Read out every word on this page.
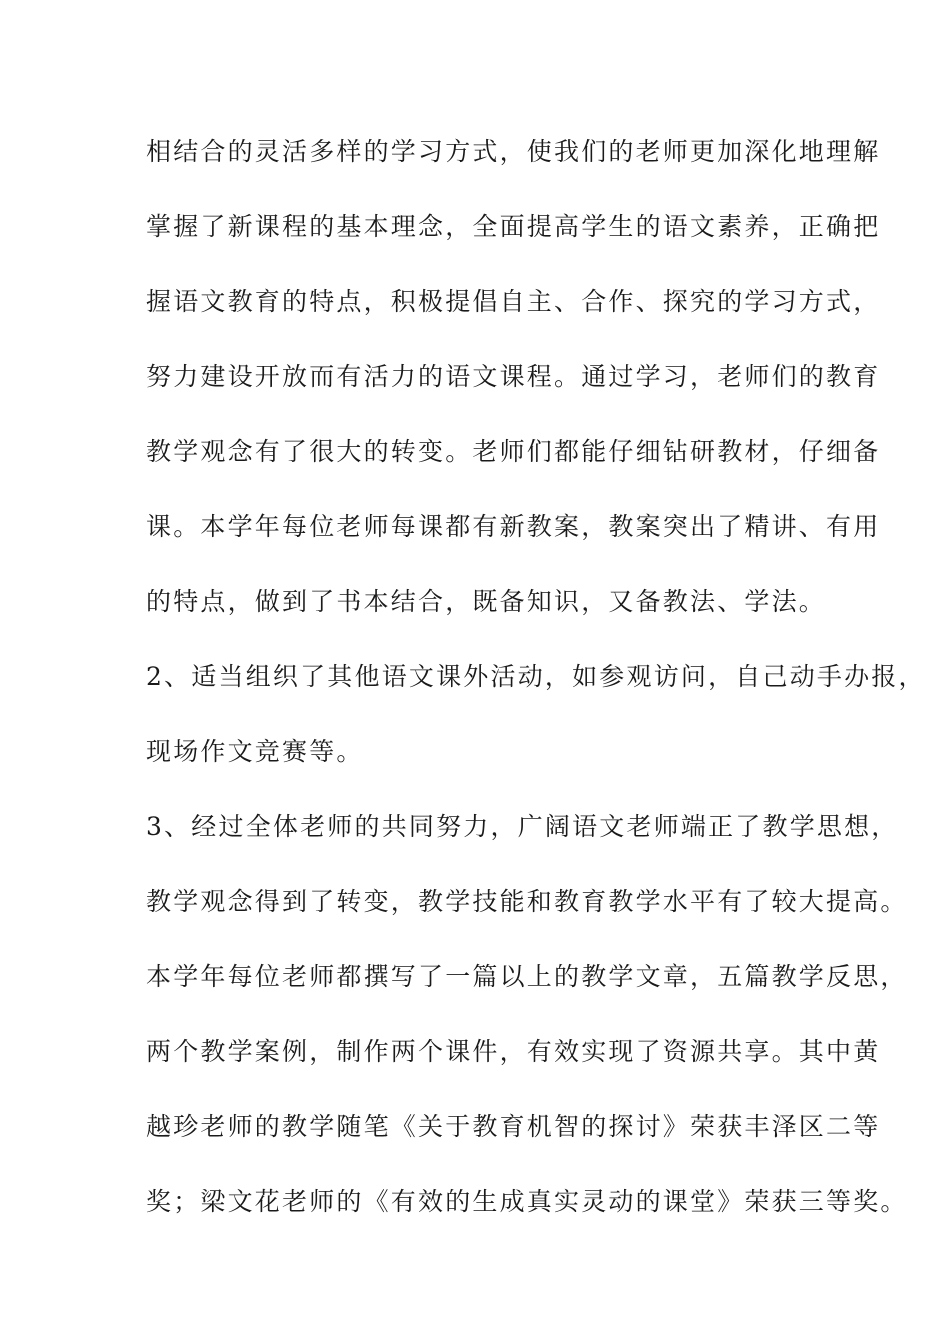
相结合的灵活多样的学习方式，使我们的老师更加深化地理解
掌握了新课程的基本理念，全面提高学生的语文素养，正确把
握语文教育的特点，积极提倡自主、合作、探究的学习方式，
努力建设开放而有活力的语文课程。通过学习，老师们的教育
教学观念有了很大的转变。老师们都能仔细钻研教材，仔细备
课。本学年每位老师每课都有新教案，教案突出了精讲、有用
的特点，做到了书本结合，既备知识，又备教法、学法。
2、适当组织了其他语文课外活动，如参观访问，自己动手办报，
现场作文竞赛等。
3、经过全体老师的共同努力，广阔语文老师端正了教学思想，
教学观念得到了转变，教学技能和教育教学水平有了较大提高。
本学年每位老师都撰写了一篇以上的教学文章，五篇教学反思，
两个教学案例，制作两个课件，有效实现了资源共享。其中黄
越珍老师的教学随笔《关于教育机智的探讨》荣获丰泽区二等
奖；梁文花老师的《有效的生成真实灵动的课堂》荣获三等奖。
